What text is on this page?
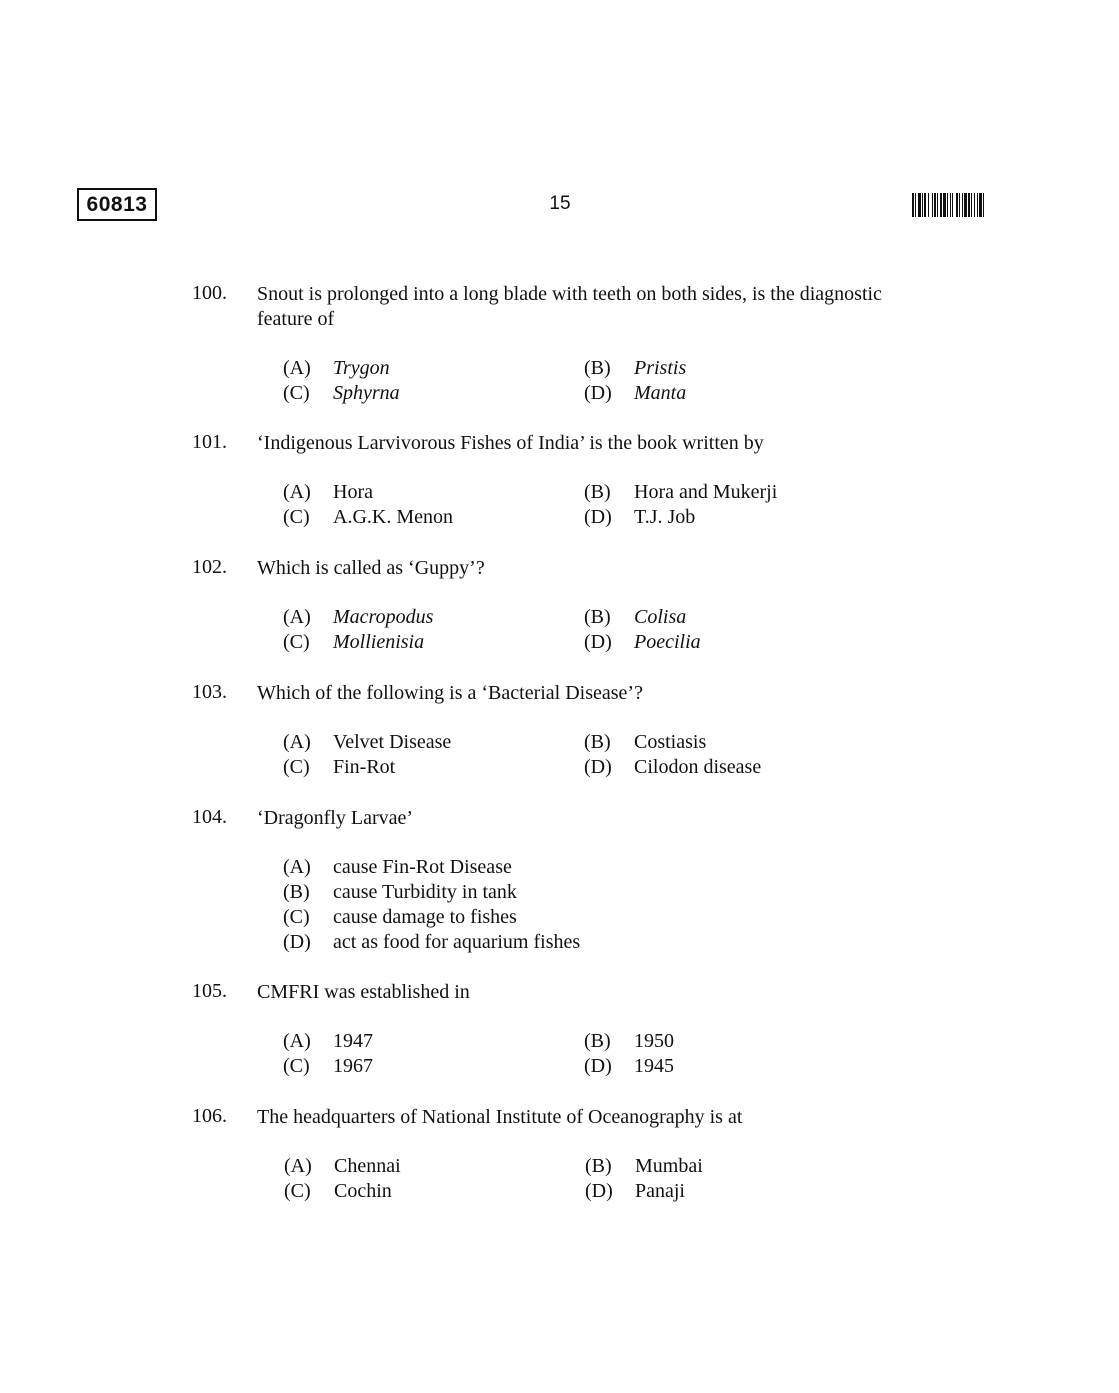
60813	15
100. Snout is prolonged into a long blade with teeth on both sides, is the diagnostic feature of
(A) Trygon	(B) Pristis
(C) Sphyrna	(D) Manta
101. ‘Indigenous Larvivorous Fishes of India’ is the book written by
(A) Hora	(B) Hora and Mukerji
(C) A.G.K. Menon	(D) T.J. Job
102. Which is called as ‘Guppy’?
(A) Macropodus	(B) Colisa
(C) Mollienisia	(D) Poecilia
103. Which of the following is a ‘Bacterial Disease’?
(A) Velvet Disease	(B) Costiasis
(C) Fin-Rot	(D) Cilodon disease
104. ‘Dragonfly Larvae’
(A) cause Fin-Rot Disease
(B) cause Turbidity in tank
(C) cause damage to fishes
(D) act as food for aquarium fishes
105. CMFRI was established in
(A) 1947	(B) 1950
(C) 1967	(D) 1945
106. The headquarters of National Institute of Oceanography is at
(A) Chennai	(B) Mumbai
(C) Cochin	(D) Panaji
